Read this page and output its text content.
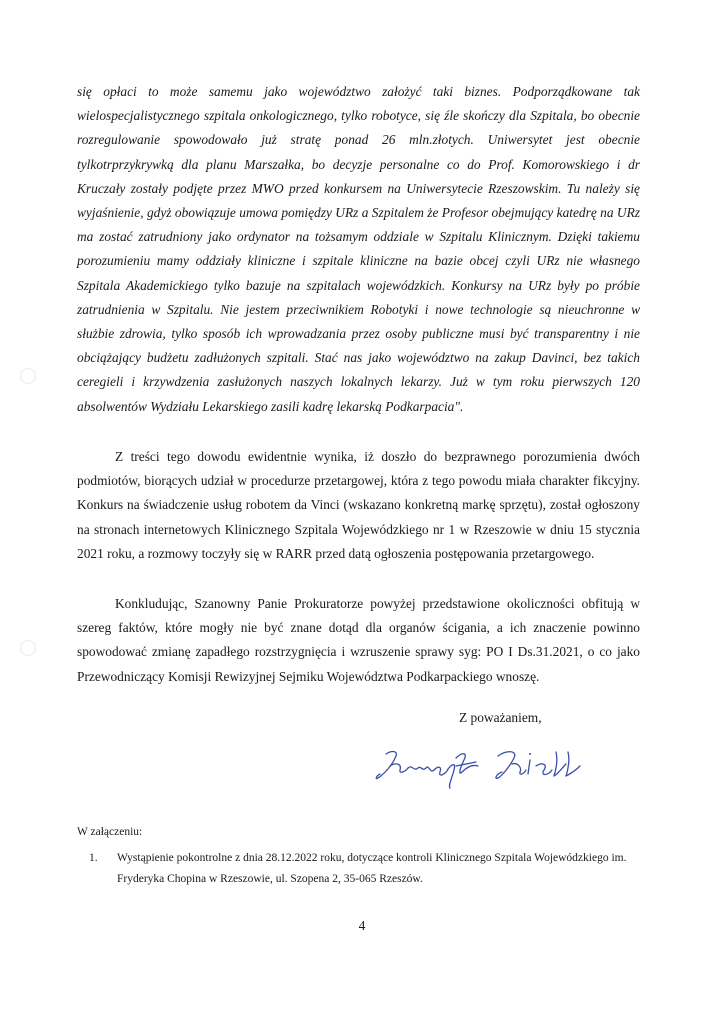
się opłaci to może samemu jako województwo założyć taki biznes. Podporządkowane tak wielospecjalistycznego szpitala onkologicznego, tylko robotyce, się źle skończy dla Szpitala, bo obecnie rozregulowanie spowodowało już stratę ponad 26 mln.złotych. Uniwersytet jest obecnie tylkotrprzykrywką dla planu Marszałka, bo decyzje personalne co do Prof. Komorowskiego i dr Kruczały zostały podjęte przez MWO przed konkursem na Uniwersytecie Rzeszowskim. Tu należy się wyjaśnienie, gdyż obowiązuje umowa pomiędzy URz a Szpitalem że Profesor obejmujący katedrę na URz ma zostać zatrudniony jako ordynator na tożsamym oddziale w Szpitalu Klinicznym. Dzięki takiemu porozumieniu mamy oddziały kliniczne i szpitale kliniczne na bazie obcej czyli URz nie własnego Szpitala Akademickiego tylko bazuje na szpitalach wojewódzkich. Konkursy na URz były po próbie zatrudnienia w Szpitalu. Nie jestem przeciwnikiem Robotyki i nowe technologie są nieuchronne w służbie zdrowia, tylko sposób ich wprowadzania przez osoby publiczne musi być transparentny i nie obciążający budżetu zadłużonych szpitali. Stać nas jako województwo na zakup Davinci, bez takich ceregieli i krzywdzenia zasłużonych naszych lokalnych lekarzy. Już w tym roku pierwszych 120 absolwentów Wydziału Lekarskiego zasili kadrę lekarską Podkarpacia".
Z treści tego dowodu ewidentnie wynika, iż doszło do bezprawnego porozumienia dwóch podmiotów, biorących udział w procedurze przetargowej, która z tego powodu miała charakter fikcyjny. Konkurs na świadczenie usług robotem da Vinci (wskazano konkretną markę sprzętu), został ogłoszony na stronach internetowych Klinicznego Szpitala Wojewódzkiego nr 1 w Rzeszowie w dniu 15 stycznia 2021 roku, a rozmowy toczyły się w RARR przed datą ogłoszenia postępowania przetargowego.
Konkludując, Szanowny Panie Prokuratorze powyżej przedstawione okoliczności obfitują w szereg faktów, które mogły nie być znane dotąd dla organów ścigania, a ich znaczenie powinno spowodować zmianę zapadłego rozstrzygnięcia i wzruszenie sprawy syg: PO I Ds.31.2021, o co jako Przewodniczący Komisji Rewizyjnej Sejmiku Województwa Podkarpackiego wnoszę.
Z poważaniem,
W załączeniu:
1. Wystąpienie pokontrolne z dnia 28.12.2022 roku, dotyczące kontroli Klinicznego Szpitala Wojewódzkiego im. Fryderyka Chopina w Rzeszowie, ul. Szopena 2, 35-065 Rzeszów.
4
